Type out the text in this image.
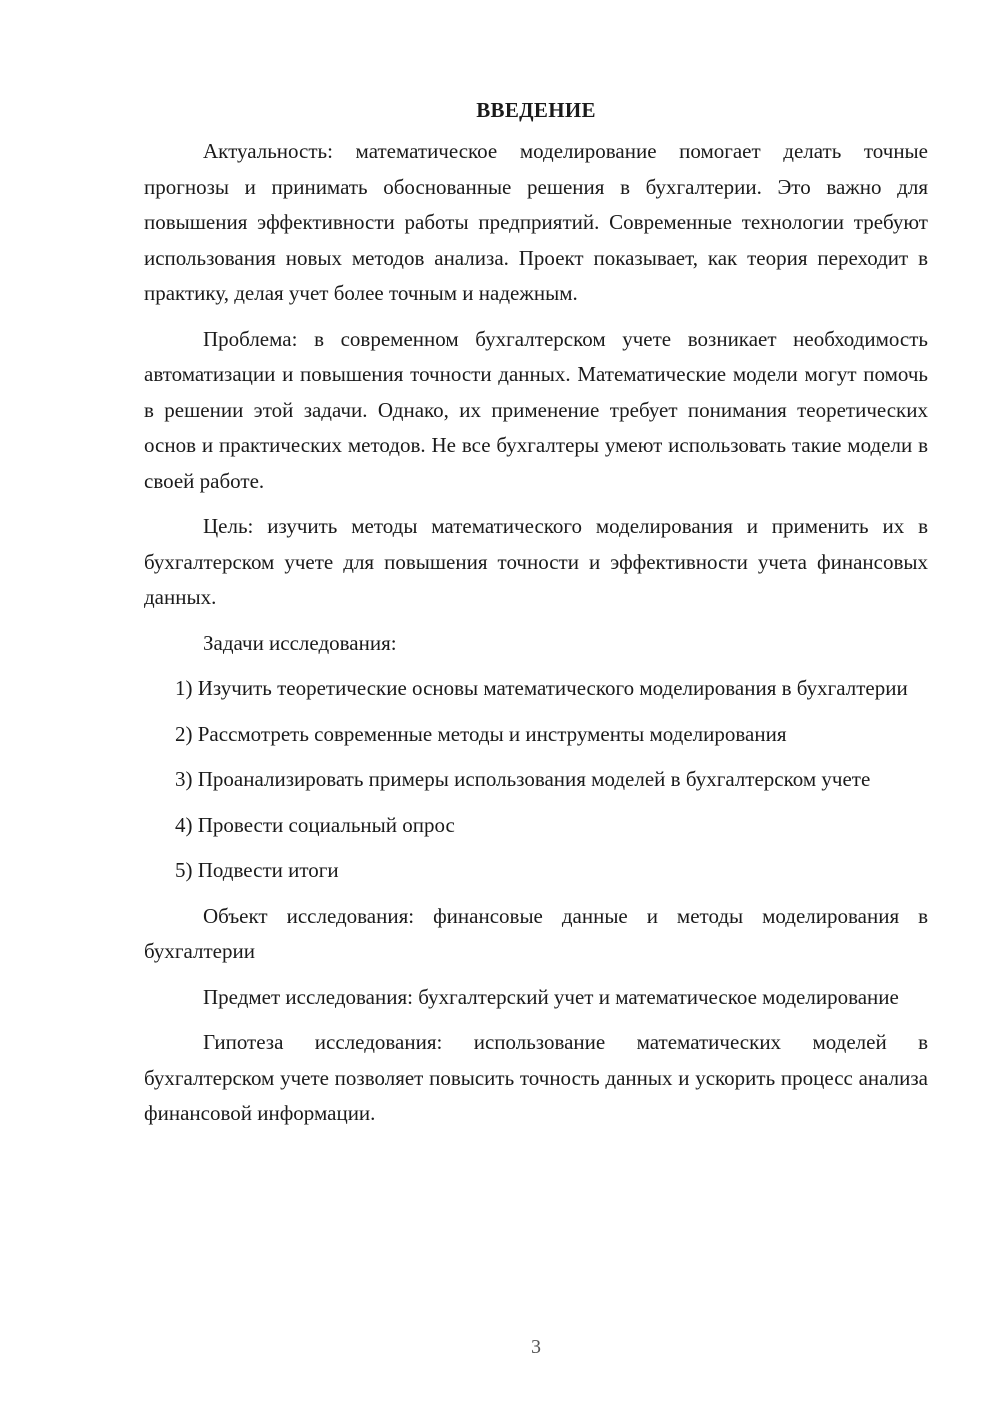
ВВЕДЕНИЕ

Актуальность: математическое моделирование помогает делать точные прогнозы и принимать обоснованные решения в бухгалтерии. Это важно для повышения эффективности работы предприятий. Современные технологии требуют использования новых методов анализа. Проект показывает, как теория переходит в практику, делая учет более точным и надежным.

Проблема: в современном бухгалтерском учете возникает необходимость автоматизации и повышения точности данных. Математические модели могут помочь в решении этой задачи. Однако, их применение требует понимания теоретических основ и практических методов. Не все бухгалтеры умеют использовать такие модели в своей работе.

Цель: изучить методы математического моделирования и применить их в бухгалтерском учете для повышения точности и эффективности учета финансовых данных.

Задачи исследования:

1) Изучить теоретические основы математического моделирования в бухгалтерии

2) Рассмотреть современные методы и инструменты моделирования

3) Проанализировать примеры использования моделей в бухгалтерском учете

4) Провести социальный опрос

5) Подвести итоги

Объект исследования: финансовые данные и методы моделирования в бухгалтерии

Предмет исследования: бухгалтерский учет и математическое моделирование

Гипотеза исследования: использование математических моделей в бухгалтерском учете позволяет повысить точность данных и ускорить процесс анализа финансовой информации.

3
